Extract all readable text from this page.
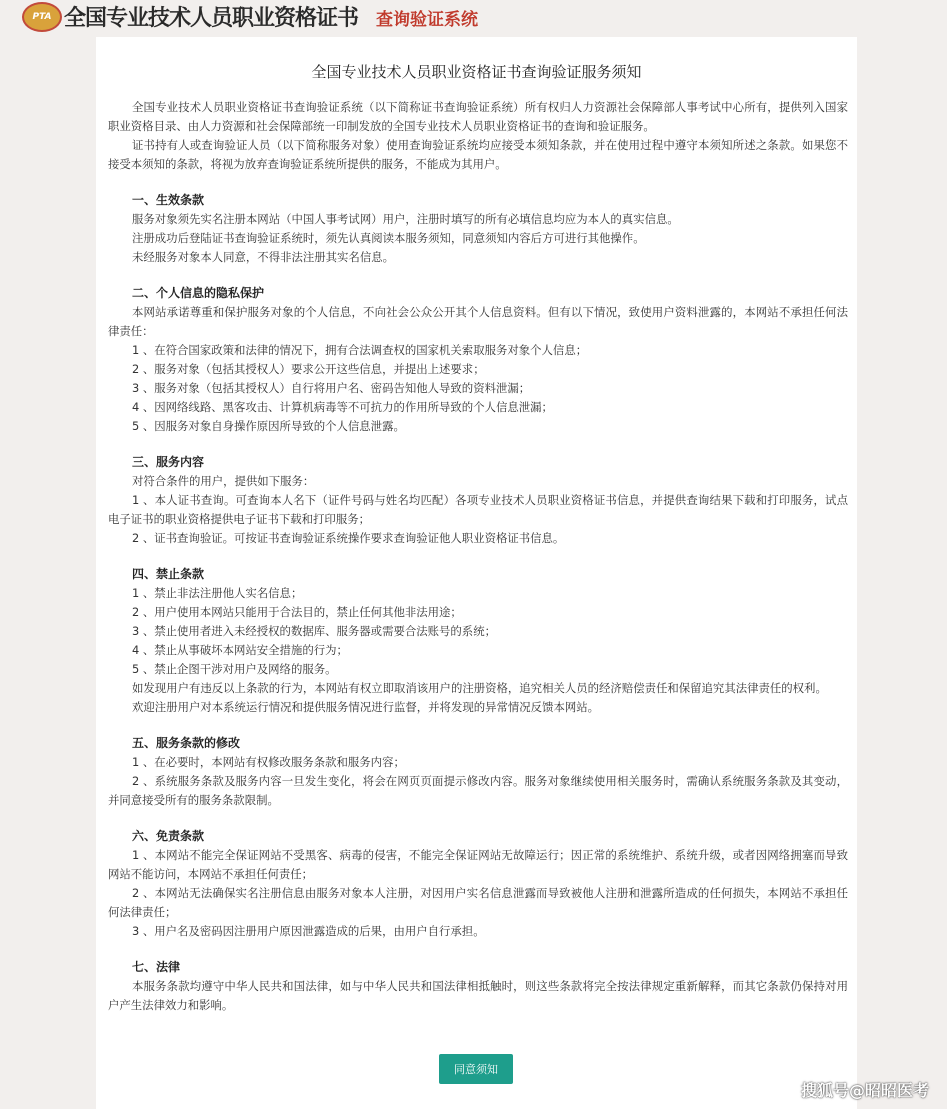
PTA 全国专业技术人员职业资格证书 查询验证系统
全国专业技术人员职业资格证书查询验证服务须知

全国专业技术人员职业资格证书查询验证系统（以下简称证书查询验证系统）所有权归人力资源社会保障部人事考试中心所有，提供列入国家职业资格目录、由人力资源和社会保障部统一印制发放的全国专业技术人员职业资格证书的查询和验证服务。

证书持有人或查询验证人员（以下简称服务对象）使用查询验证系统均应接受本须知条款，并在使用过程中遵守本须知所述之条款。如果您不接受本须知的条款，将视为放弃查询验证系统所提供的服务，不能成为其用户。

一、生效条款

服务对象须先实名注册本网站（中国人事考试网）用户，注册时填写的所有必填信息均应为本人的真实信息。

注册成功后登陆证书查询验证系统时，须先认真阅读本服务须知，同意须知内容后方可进行其他操作。

未经服务对象本人同意，不得非法注册其实名信息。

二、个人信息的隐私保护

本网站承诺尊重和保护服务对象的个人信息，不向社会公众公开其个人信息资料。但有以下情况，致使用户资料泄露的，本网站不承担任何法律责任：

1 、在符合国家政策和法律的情况下，拥有合法调查权的国家机关索取服务对象个人信息；

2 、服务对象（包括其授权人）要求公开这些信息，并提出上述要求；

3 、服务对象（包括其授权人）自行将用户名、密码告知他人导致的资料泄漏；

4 、因网络线路、黑客攻击、计算机病毒等不可抗力的作用所导致的个人信息泄漏；

5 、因服务对象自身操作原因所导致的个人信息泄露。

三、服务内容

对符合条件的用户，提供如下服务：

1 、本人证书查询。可查询本人名下（证件号码与姓名均匹配）各项专业技术人员职业资格证书信息，并提供查询结果下载和打印服务，试点电子证书的职业资格提供电子证书下载和打印服务；

2 、证书查询验证。可按证书查询验证系统操作要求查询验证他人职业资格证书信息。

四、禁止条款

1 、禁止非法注册他人实名信息；

2 、用户使用本网站只能用于合法目的，禁止任何其他非法用途；

3 、禁止使用者进入未经授权的数据库、服务器或需要合法账号的系统；

4 、禁止从事破坏本网站安全措施的行为；

5 、禁止企图干涉对用户及网络的服务。

如发现用户有违反以上条款的行为，本网站有权立即取消该用户的注册资格，追究相关人员的经济赔偿责任和保留追究其法律责任的权利。

欢迎注册用户对本系统运行情况和提供服务情况进行监督，并将发现的异常情况反馈本网站。

五、服务条款的修改

1 、在必要时，本网站有权修改服务条款和服务内容；

2 、系统服务条款及服务内容一旦发生变化，将会在网页页面提示修改内容。服务对象继续使用相关服务时，需确认系统服务条款及其变动，并同意接受所有的服务条款限制。

六、免责条款

1 、本网站不能完全保证网站不受黑客、病毒的侵害，不能完全保证网站无故障运行；因正常的系统维护、系统升级，或者因网络拥塞而导致网站不能访问，本网站不承担任何责任；

2 、本网站无法确保实名注册信息由服务对象本人注册，对因用户实名信息泄露而导致被他人注册和泄露所造成的任何损失，本网站不承担任何法律责任；

3 、用户名及密码因注册用户原因泄露造成的后果，由用户自行承担。

七、法律

本服务条款均遵守中华人民共和国法律，如与中华人民共和国法律相抵触时，则这些条款将完全按法律规定重新解释，而其它条款仍保持对用户产生法律效力和影响。

同意须知
搜狐号@昭昭医考
